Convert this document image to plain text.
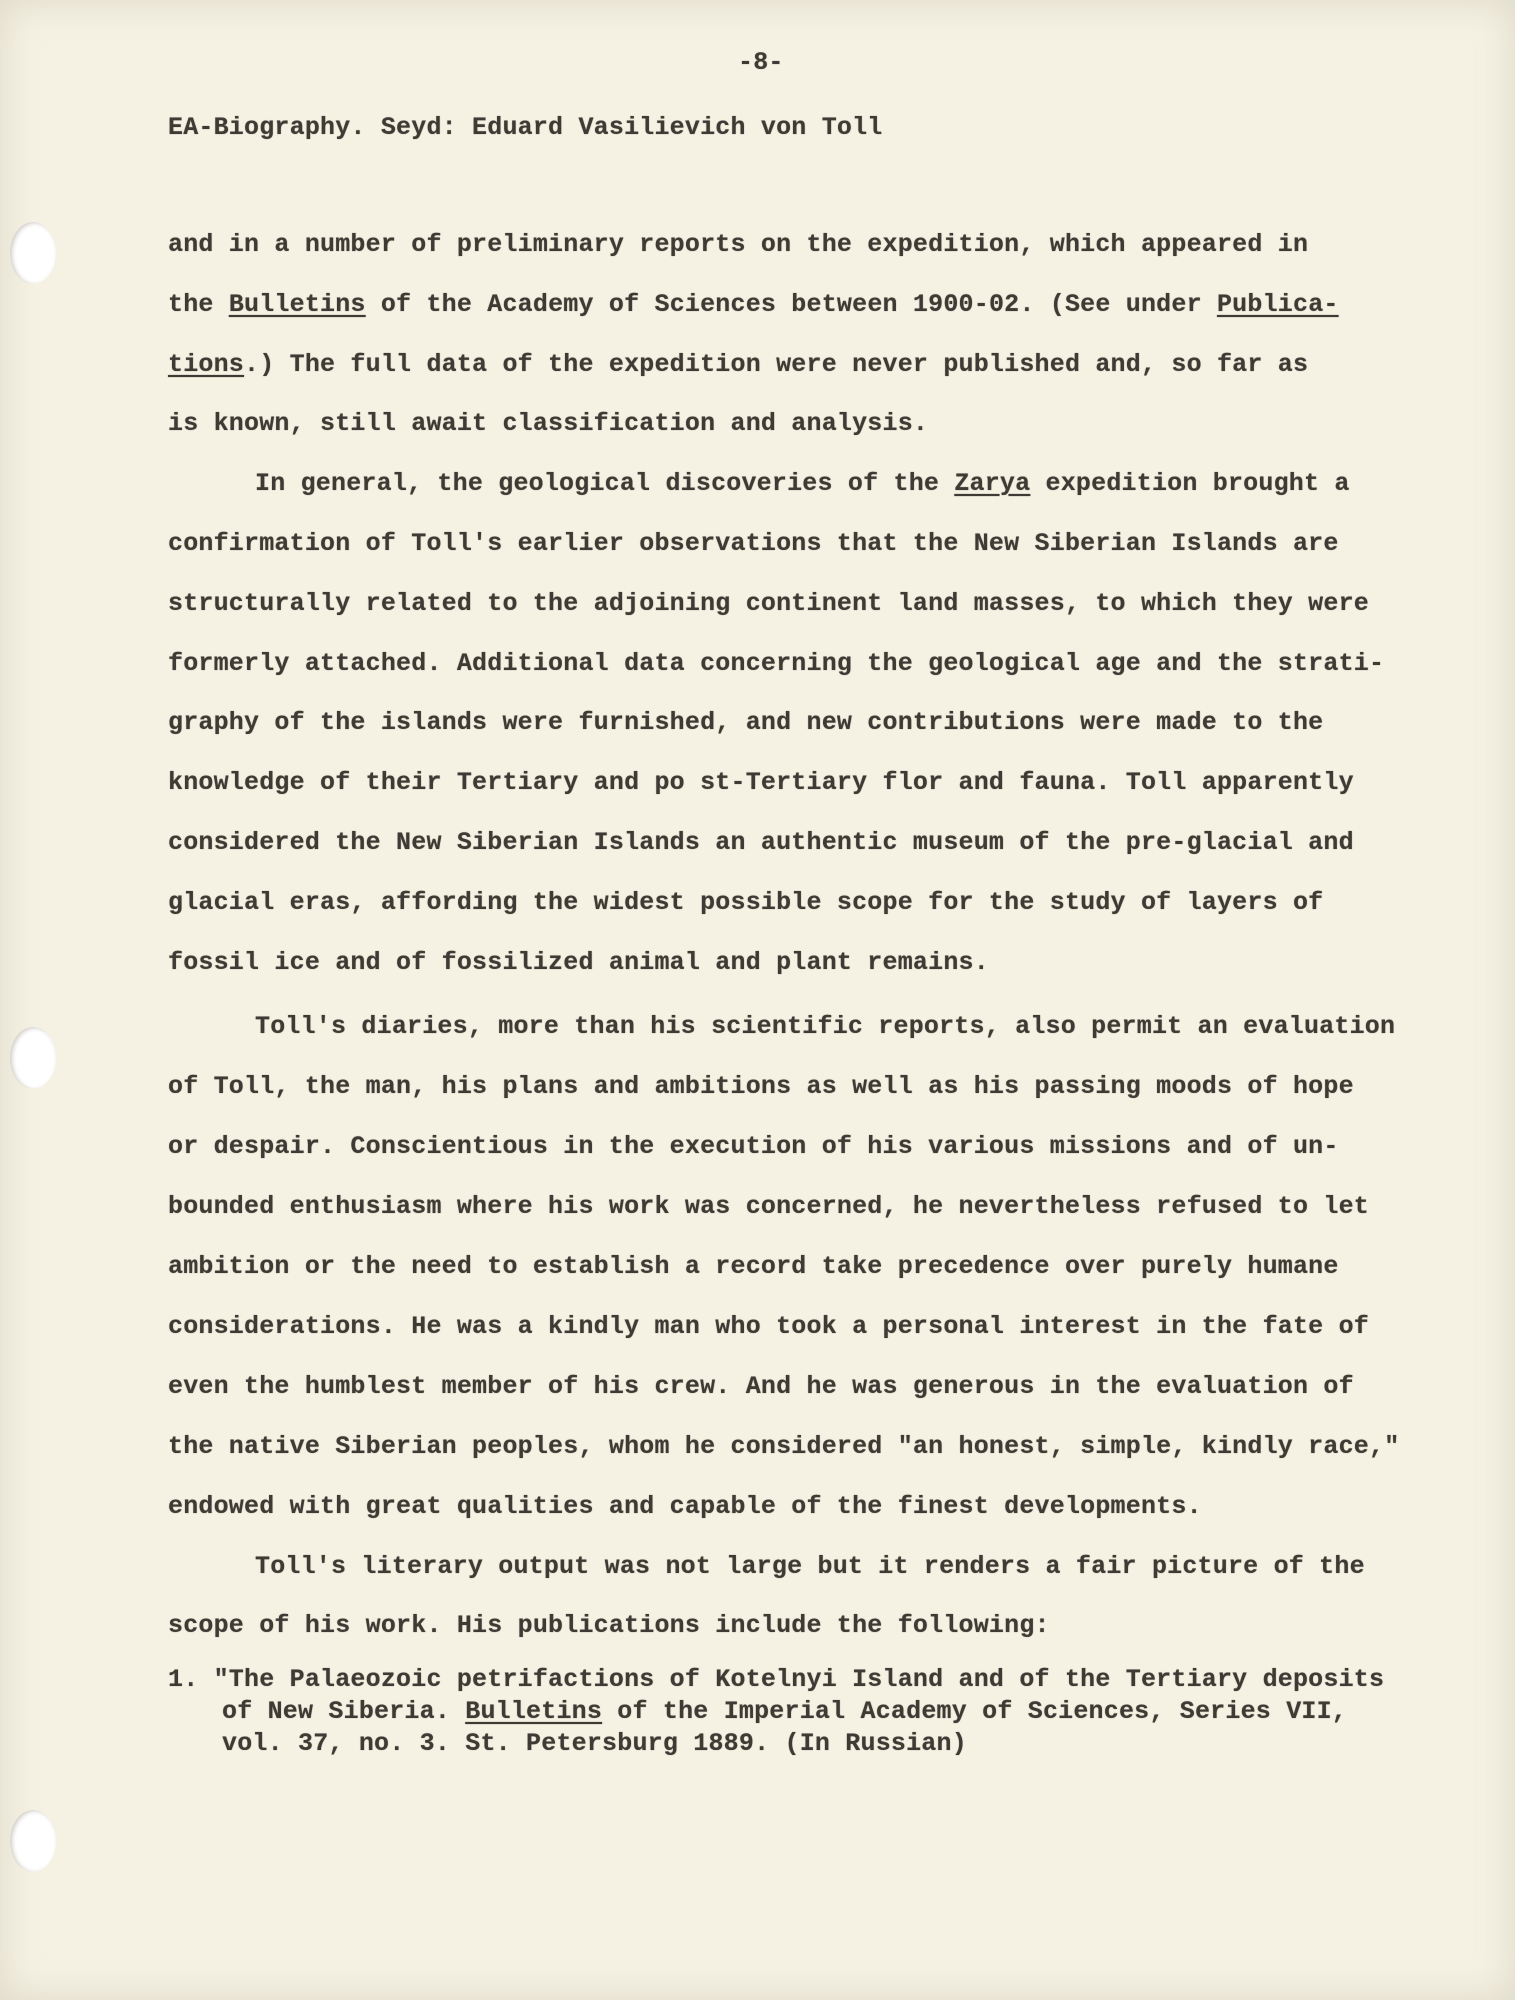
-8-
EA-Biography. Seyd: Eduard Vasilievich von Toll
and in a number of preliminary reports on the expedition, which appeared in
the Bulletins of the Academy of Sciences between 1900-02. (See under Publica-
tions.) The full data of the expedition were never published and, so far as
is known, still await classification and analysis.
In general, the geological discoveries of the Zarya expedition brought a
confirmation of Toll's earlier observations that the New Siberian Islands are
structurally related to the adjoining continent land masses, to which they were
formerly attached. Additional data concerning the geological age and the strati-
graphy of the islands were furnished, and new contributions were made to the
knowledge of their Tertiary and po st-Tertiary flor and fauna. Toll apparently
considered the New Siberian Islands an authentic museum of the pre-glacial and
glacial eras, affording the widest possible scope for the study of layers of
fossil ice and of fossilized animal and plant remains.
Toll's diaries, more than his scientific reports, also permit an evaluation
of Toll, the man, his plans and ambitions as well as his passing moods of hope
or despair. Conscientious in the execution of his various missions and of un-
bounded enthusiasm where his work was concerned, he nevertheless refused to let
ambition or the need to establish a record take precedence over purely humane
considerations. He was a kindly man who took a personal interest in the fate of
even the humblest member of his crew. And he was generous in the evaluation of
the native Siberian peoples, whom he considered "an honest, simple, kindly race,"
endowed with great qualities and capable of the finest developments.
Toll's literary output was not large but it renders a fair picture of the
scope of his work. His publications include the following:
1. "The Palaeozoic petrifactions of Kotelnyi Island and of the Tertiary deposits
of New Siberia. Bulletins of the Imperial Academy of Sciences, Series VII,
vol. 37, no. 3. St. Petersburg 1889. (In Russian)
